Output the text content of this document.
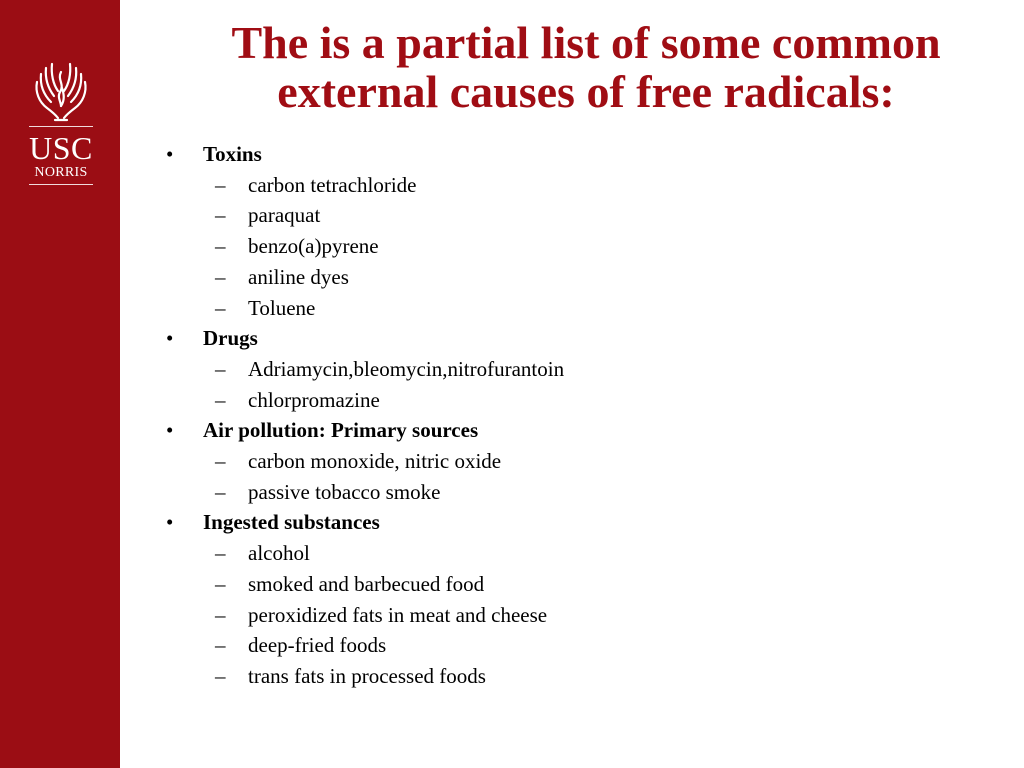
USC
NORRIS
The is a partial list of some common external causes of free radicals:
• Toxins
– carbon tetrachloride
– paraquat
– benzo(a)pyrene
– aniline dyes
– Toluene
• Drugs
– Adriamycin,bleomycin,nitrofurantoin
– chlorpromazine
• Air pollution: Primary sources
– carbon monoxide, nitric oxide
– passive tobacco smoke
• Ingested substances
– alcohol
– smoked and barbecued food
– peroxidized fats in meat and cheese
– deep-fried foods
– trans fats in processed foods
